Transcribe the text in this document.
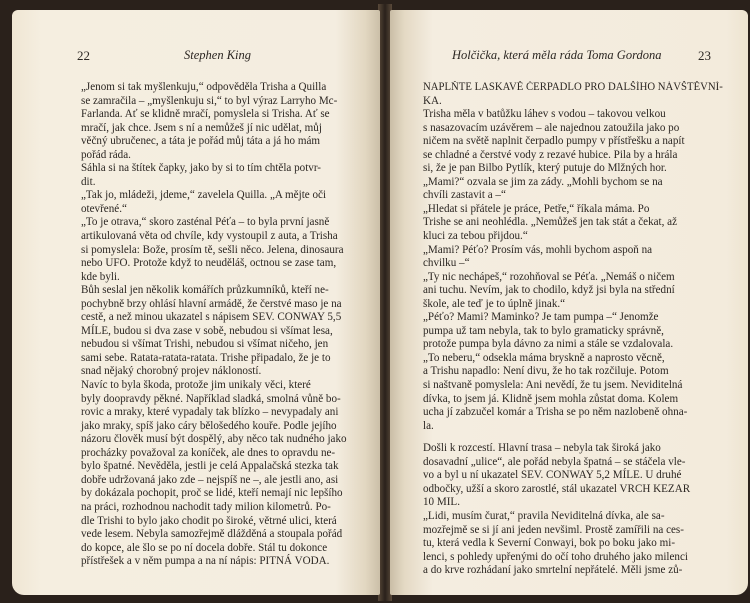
22	Stephen King
„Jenom si tak myšlenkuju,“ odpověděla Trisha a Quilla
se zamračila – „myšlenkuju si,“ to byl výraz Larryho Mc-
Farlanda. Ať se klidně mračí, pomyslela si Trisha. Ať se
mračí, jak chce. Jsem s ní a nemůžeš jí nic udělat, můj
věčný ubručenec, a táta je pořád můj táta a já ho mám
pořád ráda.
Sáhla si na štítek čapky, jako by si to tím chtěla potvr-
dit.
„Tak jo, mládeži, jdeme,“ zavelela Quilla. „A mějte oči
otevřené.“
„To je otrava,“ skoro zasténal Péťa – to byla první jasně
artikulovaná věta od chvíle, kdy vystoupil z auta, a Trisha
si pomyslela: Bože, prosím tě, sešli něco. Jelena, dinosaura
nebo UFO. Protože když to neuděláš, octnou se zase tam,
kde byli.
Bůh seslal jen několik komářích průzkumníků, kteří ne-
pochybně brzy ohlásí hlavní armádě, že čerstvé maso je na
cestě, a než minou ukazatel s nápisem SEV. CONWAY 5,5
MÍLE, budou si dva zase v sobě, nebudou si všímat lesa,
nebudou si všímat Trishi, nebudou si všímat ničeho, jen
sami sebe. Ratata-ratata-ratata. Trishe připadalo, že je to
snad nějaký chorobný projev nákloností.
Navíc to byla škoda, protože jim unikaly věci, které
byly doopravdy pěkné. Například sladká, smolná vůně bo-
rovic a mraky, které vypadaly tak blízko – nevypadaly ani
jako mraky, spíš jako cáry bělošedého kouře. Podle jejího
názoru člověk musí být dospělý, aby něco tak nudného jako
procházky považoval za koníček, ale dnes to opravdu ne-
bylo špatné. Nevěděla, jestli je celá Appalačská stezka tak
dobře udržovaná jako zde – nejspíš ne –, ale jestli ano, asi
by dokázala pochopit, proč se lidé, kteří nemají nic lepšího
na práci, rozhodnou nachodit tady milion kilometrů. Po-
dle Trishi to bylo jako chodit po široké, větrné ulici, která
vede lesem. Nebyla samozřejmě dlážděná a stoupala pořád
do kopce, ale šlo se po ní docela dobře. Stál tu dokonce
přístřešek a v něm pumpa a na ní nápis: PITNÁ VODA.
Holčička, která měla ráda Toma Gordona	23
NAPLŇTE LASKAVĚ ČERPADLO PRO DALŠÍHO NÁVŠTĚVNÍ-
KA.
Trisha měla v batůžku láhev s vodou – takovou velkou
s nasazovacím uzávěrem – ale najednou zatoužila jako po
ničem na světě naplnit čerpadlo pumpy v přístřešku a napít
se chladné a čerstvé vody z rezavé hubice. Pila by a hrála
si, že je pan Bilbo Pytlík, který putuje do Mlžných hor.
„Mami?“ ozvala se jim za zády. „Mohli bychom se na
chvíli zastavit a –“
„Hledat si přátele je práce, Petře,“ říkala máma. Po
Trishe se ani neohlédla. „Nemůžeš jen tak stát a čekat, až
kluci za tebou přijdou.“
„Mami? Péťo? Prosím vás, mohli bychom aspoň na
chvilku –“
„Ty nic nechápeš,“ rozohňoval se Péťa. „Nemáš o ničem
ani tuchu. Nevím, jak to chodilo, když jsi byla na střední
škole, ale teď je to úplně jinak.“
„Péťo? Mami? Maminko? Je tam pumpa –“ Jenomže
pumpa už tam nebyla, tak to bylo gramaticky správně,
protože pumpa byla dávno za nimi a stále se vzdalovala.
„To neberu,“ odsekla máma bryskně a naprosto věcně,
a Trishu napadlo: Není divu, že ho tak rozčiluje. Potom
si naštvaně pomyslela: Ani nevědí, že tu jsem. Neviditelná
dívka, to jsem já. Klidně jsem mohla zůstat doma. Kolem
ucha jí zabzučel komár a Trisha se po něm nazlobeně ohna-
la.
Došli k rozcestí. Hlavní trasa – nebyla tak široká jako
dosavadní „ulice“, ale pořád nebyla špatná – se stáčela vle-
vo a byl u ní ukazatel SEV. CONWAY 5,2 MÍLE. U druhé
odbočky, užší a skoro zarostlé, stál ukazatel VRCH KEZAR
10 MIL.
„Lidi, musím čurat,“ pravila Neviditelná dívka, ale sa-
mozřejmě se si jí ani jeden nevšiml. Prostě zamířili na ces-
tu, která vedla k Severní Conwayi, bok po boku jako mi-
lenci, s pohledy upřenými do očí toho druhého jako milenci
a do krve rozhádaní jako smrtelní nepřátelé. Měli jsme zů-
